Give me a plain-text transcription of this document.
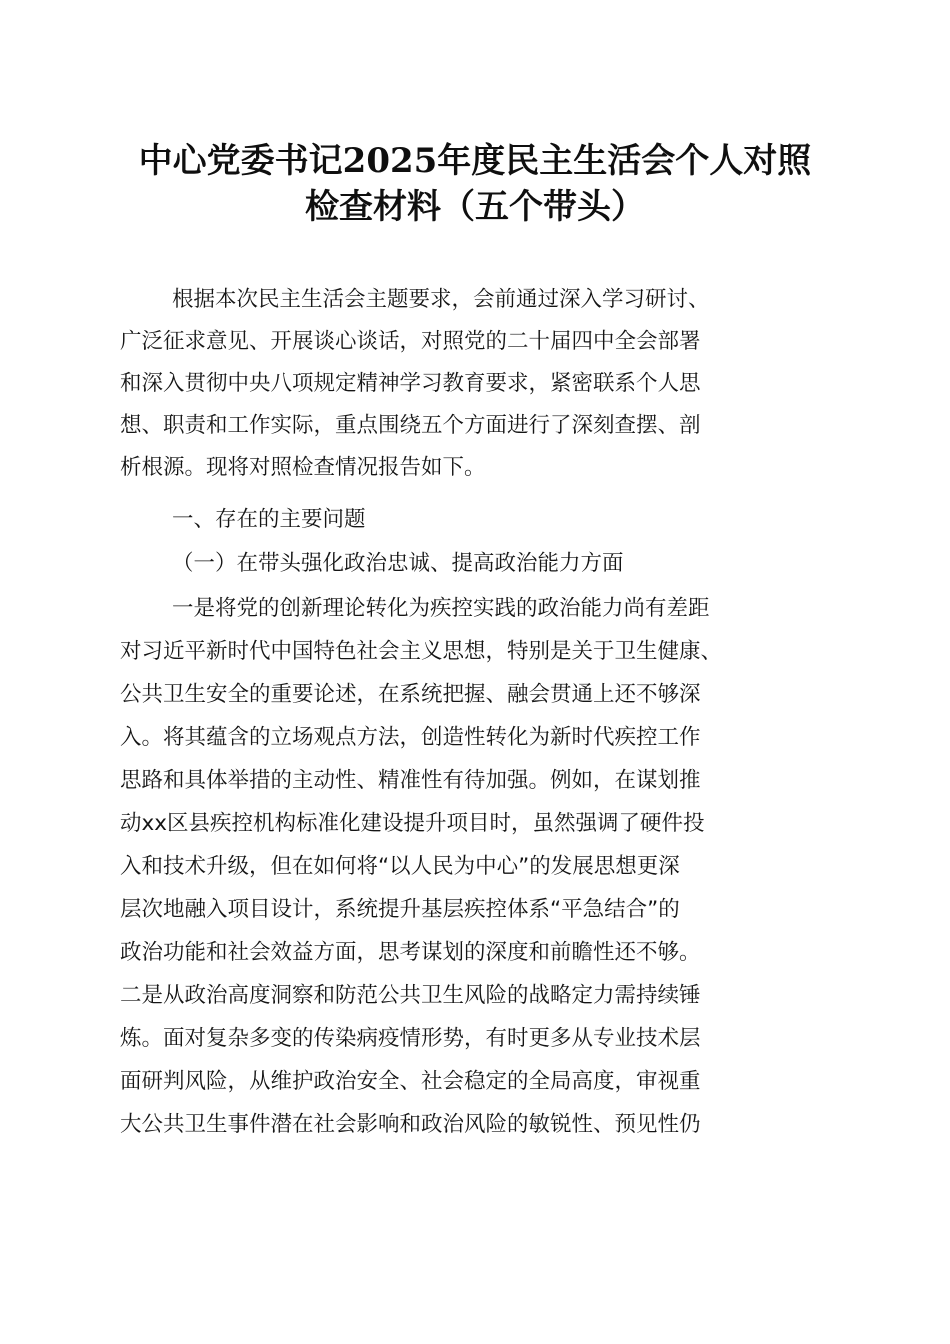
中心党委书记2025年度民主生活会个人对照
检查材料（五个带头）
根据本次民主生活会主题要求，会前通过深入学习研讨、
广泛征求意见、开展谈心谈话，对照党的二十届四中全会部署
和深入贯彻中央八项规定精神学习教育要求，紧密联系个人思
想、职责和工作实际，重点围绕五个方面进行了深刻查摆、剖
析根源。现将对照检查情况报告如下。
一、存在的主要问题
（一）在带头强化政治忠诚、提高政治能力方面
一是将党的创新理论转化为疾控实践的政治能力尚有差距
对习近平新时代中国特色社会主义思想，特别是关于卫生健康、
公共卫生安全的重要论述，在系统把握、融会贯通上还不够深
入。将其蕴含的立场观点方法，创造性转化为新时代疾控工作
思路和具体举措的主动性、精准性有待加强。例如，在谋划推
动xx区县疾控机构标准化建设提升项目时，虽然强调了硬件投
入和技术升级，但在如何将“以人民为中心”的发展思想更深
层次地融入项目设计，系统提升基层疾控体系“平急结合”的
政治功能和社会效益方面，思考谋划的深度和前瞻性还不够。
二是从政治高度洞察和防范公共卫生风险的战略定力需持续锤
炼。面对复杂多变的传染病疫情形势，有时更多从专业技术层
面研判风险，从维护政治安全、社会稳定的全局高度，审视重
大公共卫生事件潜在社会影响和政治风险的敏锐性、预见性仍
